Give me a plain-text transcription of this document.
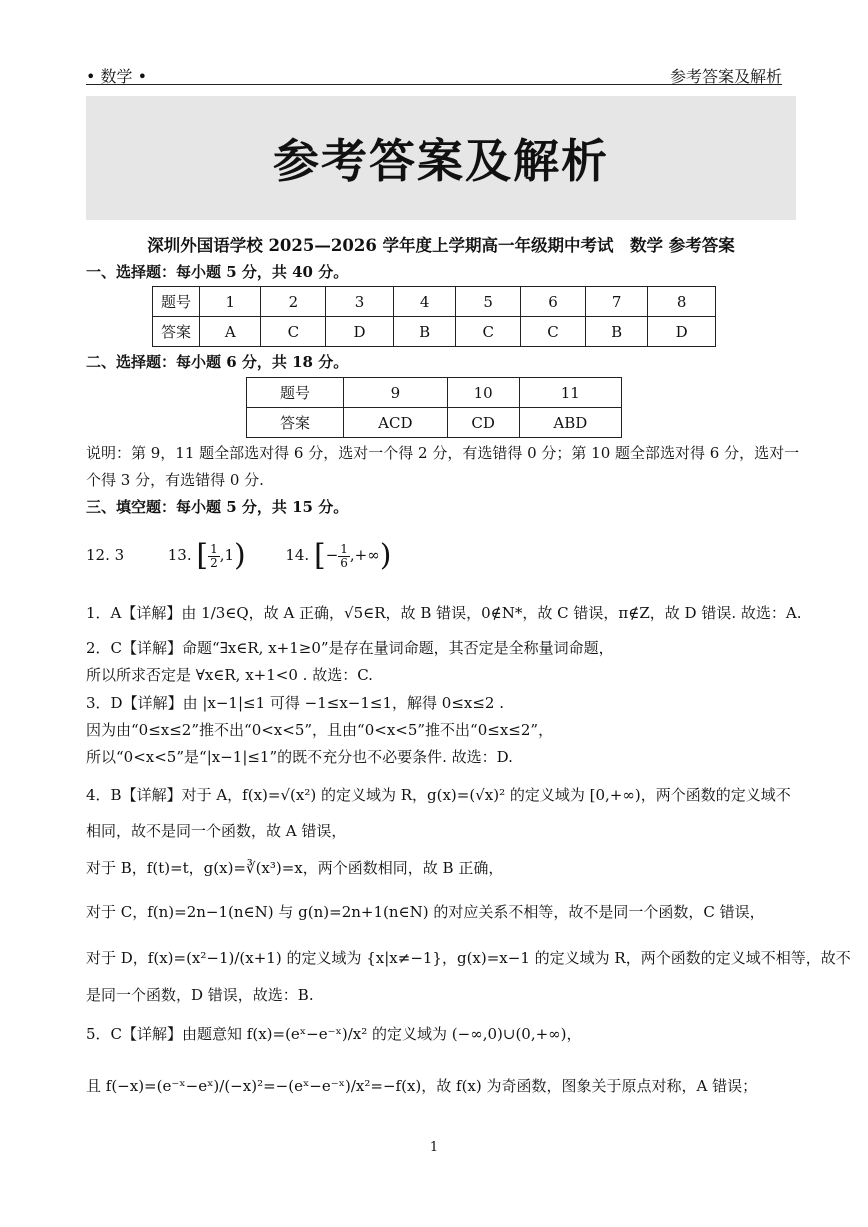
• 数学 •	参考答案及解析
参考答案及解析
深圳外国语学校 2025—2026 学年度上学期高一年级期中考试　数学 参考答案
一、选择题：每小题 5 分，共 40 分。
题号	1	2	3	4	5	6	7	8
答案	A	C	D	B	C	C	B	D
二、选择题：每小题 6 分，共 18 分。
题号	9	10	11
答案	ACD	CD	ABD
说明：第 9，11 题全部选对得 6 分，选对一个得 2 分，有选错得 0 分；第 10 题全部选对得 6 分，选对一
个得 3 分，有选错得 0 分.
三、填空题：每小题 5 分，共 15 分。
12. 3	13. [ $\frac{1}{2} ,1$)	14. [− $\frac{1}{6}$ ,+∞)
1．A【详解】由 1/3∈Q，故 A 正确，√5∈R，故 B 错误，0∉N*，故 C 错误，π∉Z，故 D 错误. 故选：A.
2．C【详解】命题“∃x∈R, x+1≥0”是存在量词命题，其否定是全称量词命题，
所以所求否定是 ∀x∈R, x+1<0 . 故选：C.
3．D【详解】由 |x−1|≤1 可得 −1≤x−1≤1，解得 0≤x≤2 .
因为由“0≤x≤2”推不出“0<x<5”，且由“0<x<5”推不出“0≤x≤2”，
所以“0<x<5”是“|x−1|≤1”的既不充分也不必要条件. 故选：D.
4．B【详解】对于 A，f(x)=√(x²) 的定义域为 R，g(x)=(√x)² 的定义域为 [0,+∞)，两个函数的定义域不
相同，故不是同一个函数，故 A 错误，
对于 B，f(t)=t，g(x)=∛(x³)=x，两个函数相同，故 B 正确，
对于 C，f(n)=2n−1(n∈N) 与 g(n)=2n+1(n∈N) 的对应关系不相等，故不是同一个函数，C 错误，
对于 D，f(x)=(x²−1)/(x+1) 的定义域为 {x|x≠−1}，g(x)=x−1 的定义域为 R，两个函数的定义域不相等，故不
是同一个函数，D 错误，故选：B.
5．C【详解】由题意知 f(x)=(eˣ−e⁻ˣ)/x² 的定义域为 (−∞,0)∪(0,+∞)，
且 f(−x)=(e⁻ˣ−eˣ)/(−x)²=−(eˣ−e⁻ˣ)/x²=−f(x)，故 f(x) 为奇函数，图象关于原点对称，A 错误；
1
